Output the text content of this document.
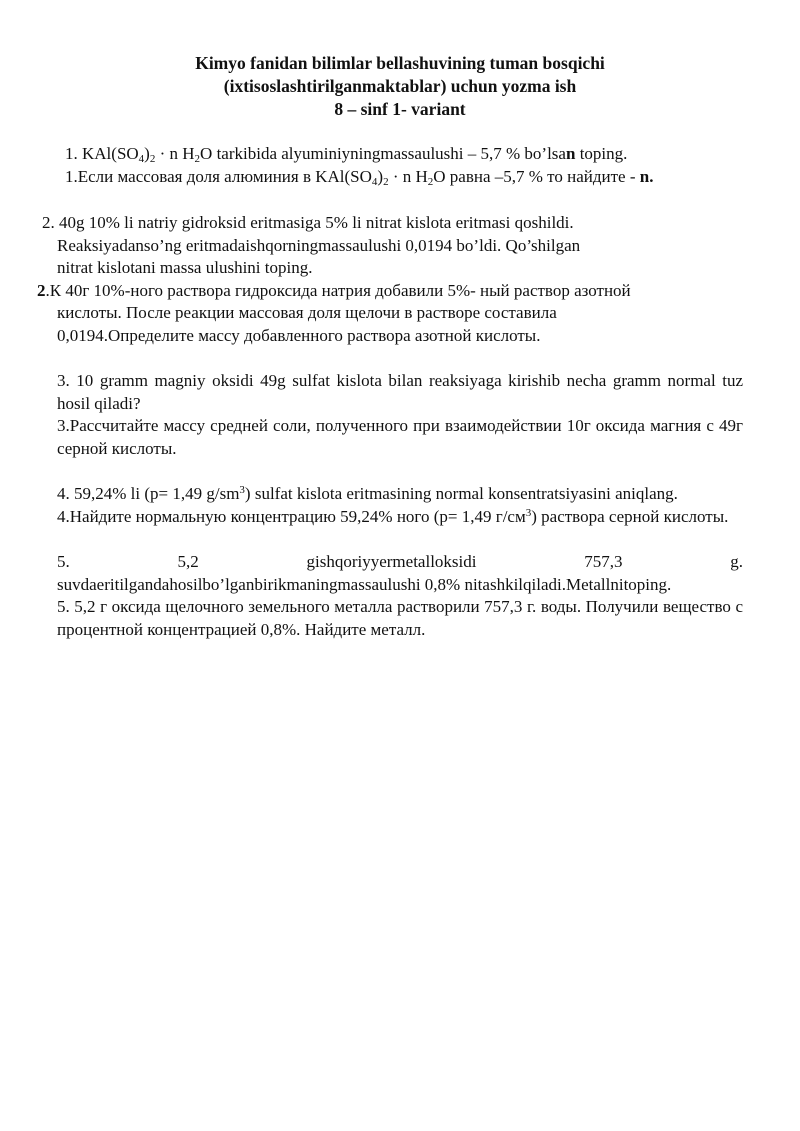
Kimyo fanidan bilimlar bellashuvining tuman bosqichi
(ixtisoslashtirilganmaktablar) uchun yozma ish
8 – sinf 1- variant

1. $KAl(SO_4)_2 \cdot n$ $H_2O$ tarkibida alyuminiyningmassaulushi – 5,7 % bo’lsan toping.

1.Если массовая доля алюминия в $KAl(SO_4)_2 \cdot n$ $H_2O$ равна –5,7 % то найдите - n.

2. 40g 10% li natriy gidroksid eritmasiga 5% li nitrat kislota eritmasi qoshildi.

Reaksiyadanso’ng eritmadaishqorningmassaulushi 0,0194 bo’ldi. Qo’shilgan

nitrat kislotani massa ulushini toping.

2.К 40г 10%-ного раствора гидроксида натрия добавили 5%- ный раствор азотной

кислоты. После реакции массовая доля щелочи в растворе составила

0,0194.Определите массу добавленного раствора азотной кислоты.

3. 10 gramm magniy oksidi 49g sulfat kislota bilan reaksiyaga kirishib necha gramm normal tuz hosil qiladi?

3.Рассчитайте массу средней соли, полученного при взаимодействии 10г оксида магния с 49г серной кислоты.

4. 59,24% li (p= 1,49 $g/sm^3$) sulfat kislota eritmasining normal konsentratsiyasini aniqlang.

4.Найдите нормальную концентрацию 59,24% ного (p= 1,49 $г/см^3$) раствора серной кислоты.

5.	5,2	gishqoriyyermetalloksidi	757,3	g.

suvdaeritilgandahosilbo’lganbirikmaningmassaulushi 0,8% nitashkilqiladi.Metallnitoping.

5. 5,2 г оксида щелочного земельного металла растворили 757,3 г. воды. Получили вещество с процентной концентрацией 0,8%. Найдите металл.
